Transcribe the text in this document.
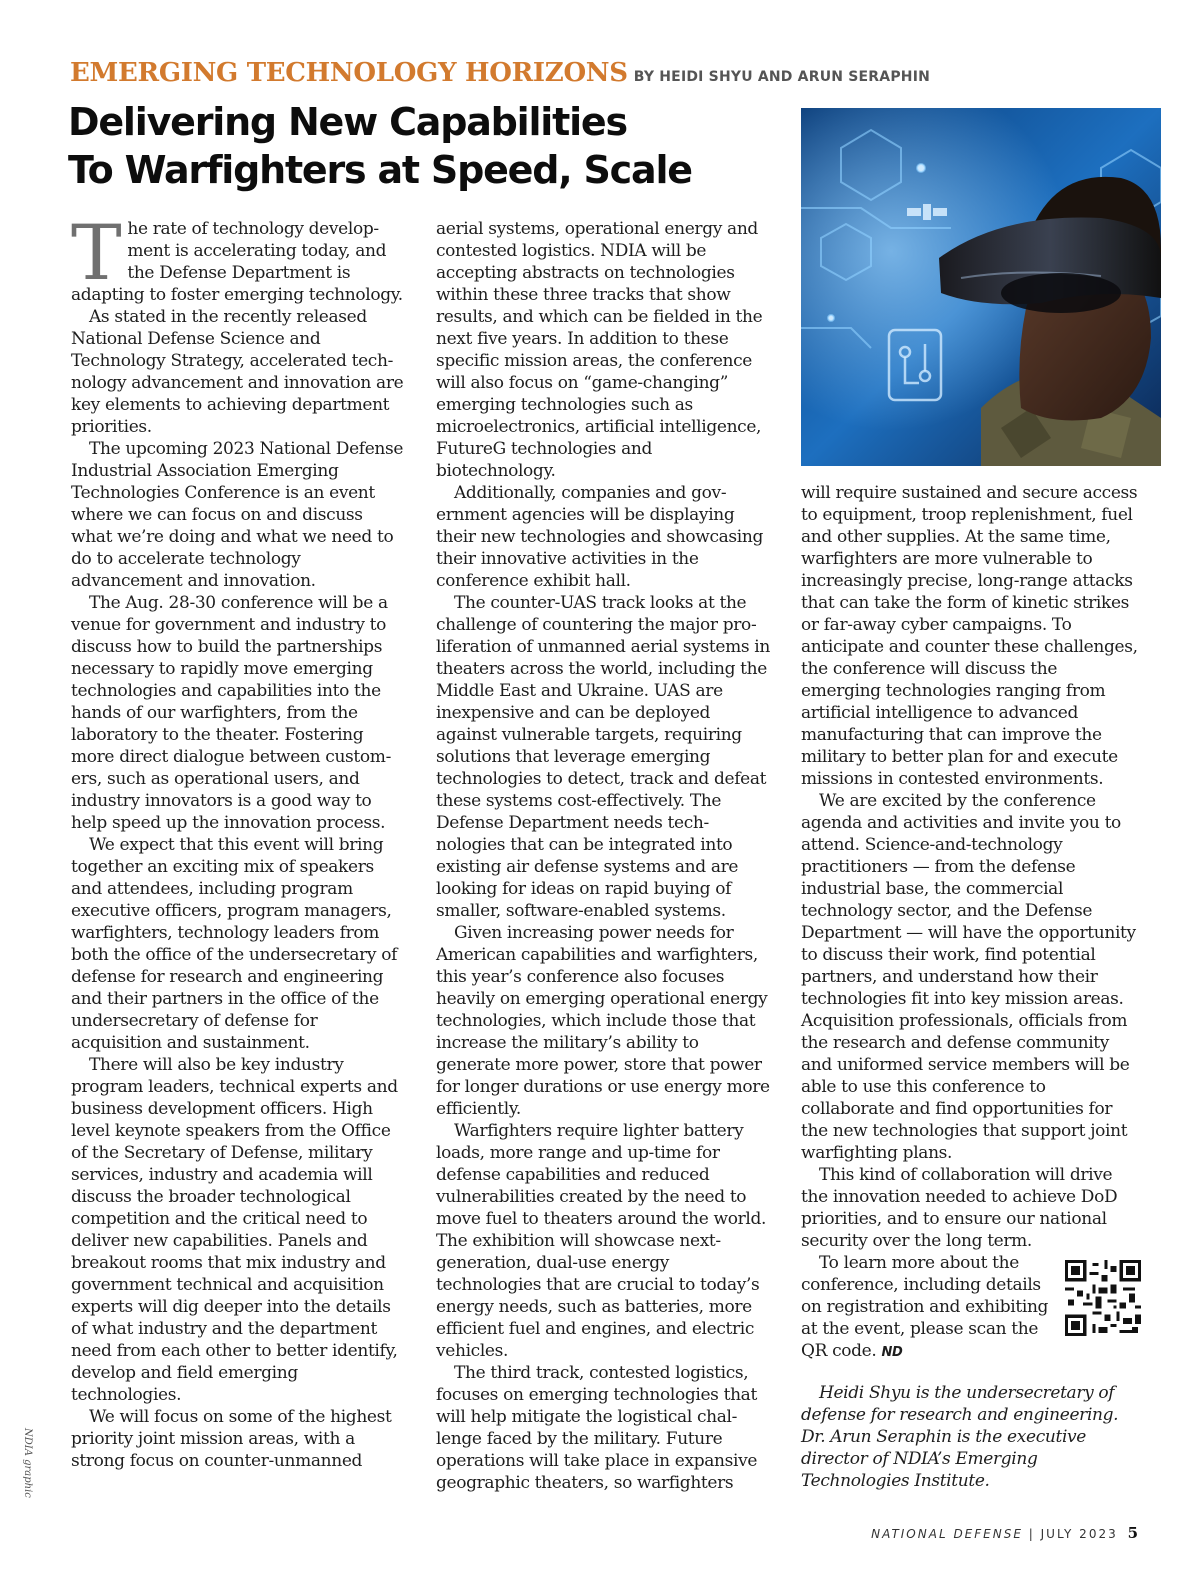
EMERGING TECHNOLOGY HORIZONS BY HEIDI SHYU AND ARUN SERAPHIN
Delivering New Capabilities
To Warfighters at Speed, Scale

The rate of technology development is accelerating today, and the Defense Department is adapting to foster emerging technology.

As stated in the recently released National Defense Science and Technology Strategy, accelerated technology advancement and innovation are key elements to achieving department priorities.

The upcoming 2023 National Defense Industrial Association Emerging Technologies Conference is an event where we can focus on and discuss what we’re doing and what we need to do to accelerate technology advancement and innovation.

The Aug. 28-30 conference will be a venue for government and industry to discuss how to build the partnerships necessary to rapidly move emerging technologies and capabilities into the hands of our warfighters, from the laboratory to the theater. Fostering more direct dialogue between customers, such as operational users, and industry innovators is a good way to help speed up the innovation process.

We expect that this event will bring together an exciting mix of speakers and attendees, including program executive officers, program managers, warfighters, technology leaders from both the office of the undersecretary of defense for research and engineering and their partners in the office of the undersecretary of defense for acquisition and sustainment.

There will also be key industry program leaders, technical experts and business development officers. High level keynote speakers from the Office of the Secretary of Defense, military services, industry and academia will discuss the broader technological competition and the critical need to deliver new capabilities. Panels and breakout rooms that mix industry and government technical and acquisition experts will dig deeper into the details of what industry and the department need from each other to better identify, develop and field emerging technologies.

We will focus on some of the highest priority joint mission areas, with a strong focus on counter-unmanned

aerial systems, operational energy and contested logistics. NDIA will be accepting abstracts on technologies within these three tracks that show results, and which can be fielded in the next five years. In addition to these specific mission areas, the conference will also focus on “game-changing” emerging technologies such as microelectronics, artificial intelligence, FutureG technologies and biotechnology.

Additionally, companies and government agencies will be displaying their new technologies and showcasing their innovative activities in the conference exhibit hall.

The counter-UAS track looks at the challenge of countering the major proliferation of unmanned aerial systems in theaters across the world, including the Middle East and Ukraine. UAS are inexpensive and can be deployed against vulnerable targets, requiring solutions that leverage emerging technologies to detect, track and defeat these systems cost-effectively. The Defense Department needs technologies that can be integrated into existing air defense systems and are looking for ideas on rapid buying of smaller, software-enabled systems.

Given increasing power needs for American capabilities and warfighters, this year’s conference also focuses heavily on emerging operational energy technologies, which include those that increase the military’s ability to generate more power, store that power for longer durations or use energy more efficiently.

Warfighters require lighter battery loads, more range and up-time for defense capabilities and reduced vulnerabilities created by the need to move fuel to theaters around the world. The exhibition will showcase next-generation, dual-use energy technologies that are crucial to today’s energy needs, such as batteries, more efficient fuel and engines, and electric vehicles.

The third track, contested logistics, focuses on emerging technologies that will help mitigate the logistical challenge faced by the military. Future operations will take place in expansive geographic theaters, so warfighters

will require sustained and secure access to equipment, troop replenishment, fuel and other supplies. At the same time, warfighters are more vulnerable to increasingly precise, long-range attacks that can take the form of kinetic strikes or far-away cyber campaigns. To anticipate and counter these challenges, the conference will discuss the emerging technologies ranging from artificial intelligence to advanced manufacturing that can improve the military to better plan for and execute missions in contested environments.

We are excited by the conference agenda and activities and invite you to attend. Science-and-technology practitioners — from the defense industrial base, the commercial technology sector, and the Defense Department — will have the opportunity to discuss their work, find potential partners, and understand how their technologies fit into key mission areas. Acquisition professionals, officials from the research and defense community and uniformed service members will be able to use this conference to collaborate and find opportunities for the new technologies that support joint warfighting plans.

This kind of collaboration will drive the innovation needed to achieve DoD priorities, and to ensure our national security over the long term.

To learn more about the conference, including details on registration and exhibiting at the event, please scan the QR code. ND

Heidi Shyu is the undersecretary of defense for research and engineering. Dr. Arun Seraphin is the executive director of NDIA’s Emerging Technologies Institute.

NDIA graphic
NATIONAL DEFENSE | JULY 2023 5
